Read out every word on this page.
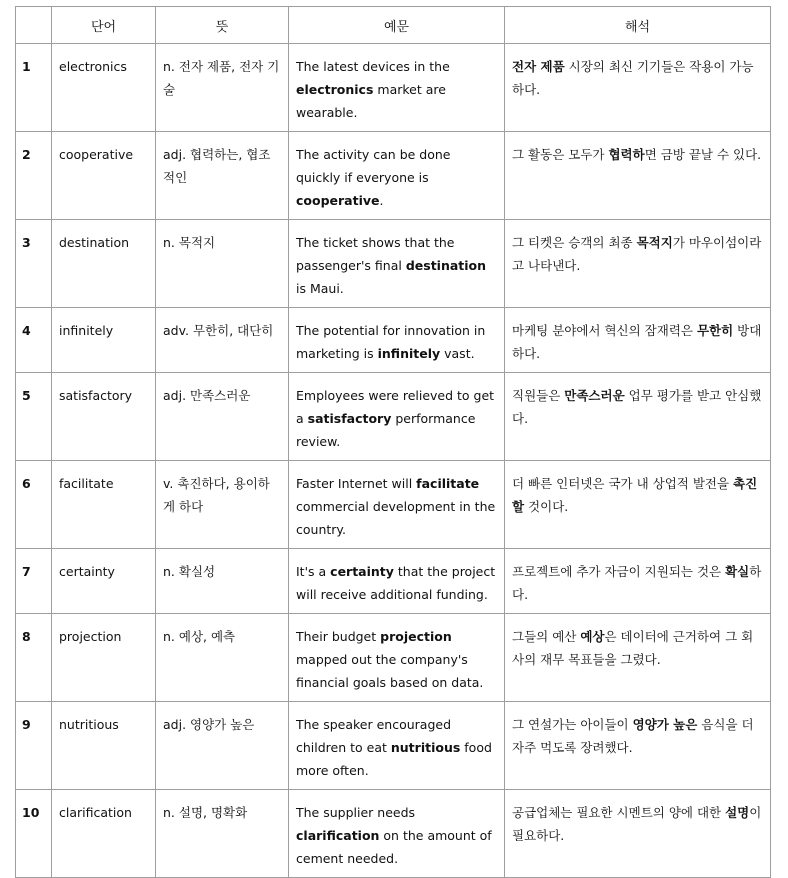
	단어	뜻	예문	해석
1	electronics	n. 전자 제품, 전자 기술	The latest devices in the electronics market are wearable.	전자 제품 시장의 최신 기기들은 작용이 가능하다.
2	cooperative	adj. 협력하는, 협조적인	The activity can be done quickly if everyone is cooperative.	그 활동은 모두가 협력하면 금방 끝날 수 있다.
3	destination	n. 목적지	The ticket shows that the passenger's final destination is Maui.	그 티켓은 승객의 최종 목적지가 마우이섬이라고 나타낸다.
4	infinitely	adv. 무한히, 대단히	The potential for innovation in marketing is infinitely vast.	마케팅 분야에서 혁신의 잠재력은 무한히 방대하다.
5	satisfactory	adj. 만족스러운	Employees were relieved to get a satisfactory performance review.	직원들은 만족스러운 업무 평가를 받고 안심했다.
6	facilitate	v. 촉진하다, 용이하게 하다	Faster Internet will facilitate commercial development in the country.	더 빠른 인터넷은 국가 내 상업적 발전을 촉진할 것이다.
7	certainty	n. 확실성	It's a certainty that the project will receive additional funding.	프로젝트에 추가 자금이 지원되는 것은 확실하다.
8	projection	n. 예상, 예측	Their budget projection mapped out the company's financial goals based on data.	그들의 예산 예상은 데이터에 근거하여 그 회사의 재무 목표들을 그렸다.
9	nutritious	adj. 영양가 높은	The speaker encouraged children to eat nutritious food more often.	그 연설가는 아이들이 영양가 높은 음식을 더 자주 먹도록 장려했다.
10	clarification	n. 설명, 명확화	The supplier needs clarification on the amount of cement needed.	공급업체는 필요한 시멘트의 양에 대한 설명이 필요하다.
